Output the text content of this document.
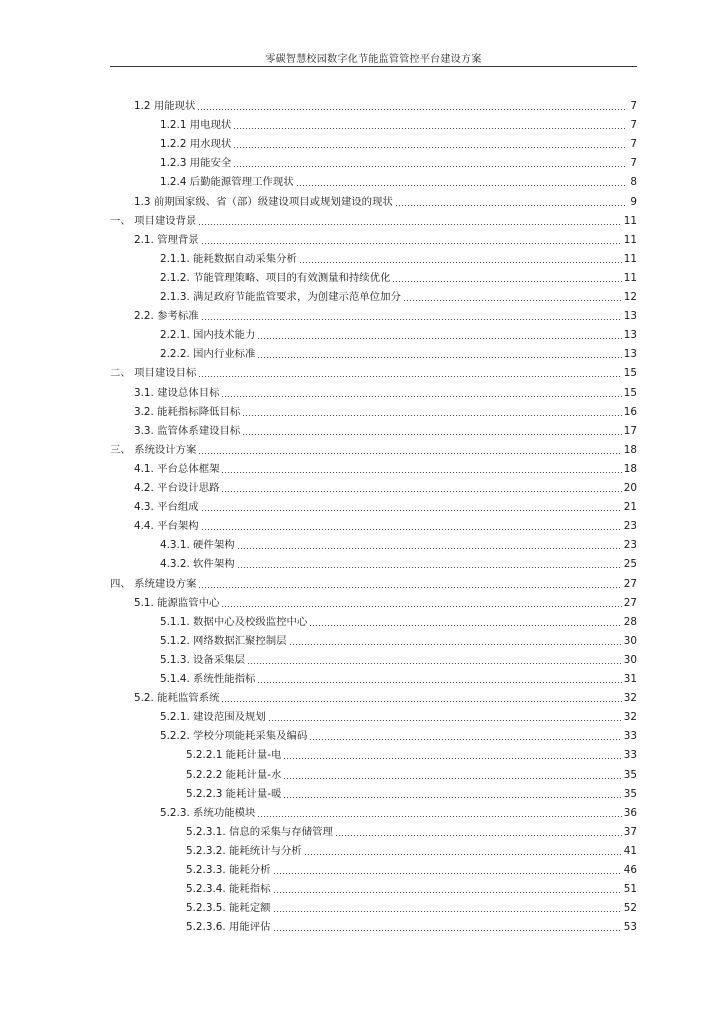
零碳智慧校园数字化节能监管管控平台建设方案
1.2 用能现状	7
1.2.1 用电现状	7
1.2.2 用水现状	7
1.2.3 用能安全	7
1.2.4 后勤能源管理工作现状	8
1.3 前期国家级、省（部）级建设项目或规划建设的现状	9
一、 项目建设背景	11
2.1. 管理背景	11
2.1.1. 能耗数据自动采集分析	11
2.1.2. 节能管理策略、项目的有效测量和持续优化	11
2.1.3. 满足政府节能监管要求，为创建示范单位加分	12
2.2. 参考标准	13
2.2.1. 国内技术能力	13
2.2.2. 国内行业标准	13
二、 项目建设目标	15
3.1. 建设总体目标	15
3.2. 能耗指标降低目标	16
3.3. 监管体系建设目标	17
三、 系统设计方案	18
4.1. 平台总体框架	18
4.2. 平台设计思路	20
4.3. 平台组成	21
4.4. 平台架构	23
4.3.1. 硬件架构	23
4.3.2. 软件架构	25
四、 系统建设方案	27
5.1. 能源监管中心	27
5.1.1. 数据中心及校级监控中心	28
5.1.2. 网络数据汇聚控制层	30
5.1.3. 设备采集层	30
5.1.4. 系统性能指标	31
5.2. 能耗监管系统	32
5.2.1. 建设范围及规划	32
5.2.2. 学校分项能耗采集及编码	33
5.2.2.1 能耗计量-电	33
5.2.2.2 能耗计量-水	35
5.2.2.3 能耗计量-暖	35
5.2.3. 系统功能模块	36
5.2.3.1. 信息的采集与存储管理	37
5.2.3.2. 能耗统计与分析	41
5.2.3.3. 能耗分析	46
5.2.3.4. 能耗指标	51
5.2.3.5. 能耗定额	52
5.2.3.6. 用能评估	53
